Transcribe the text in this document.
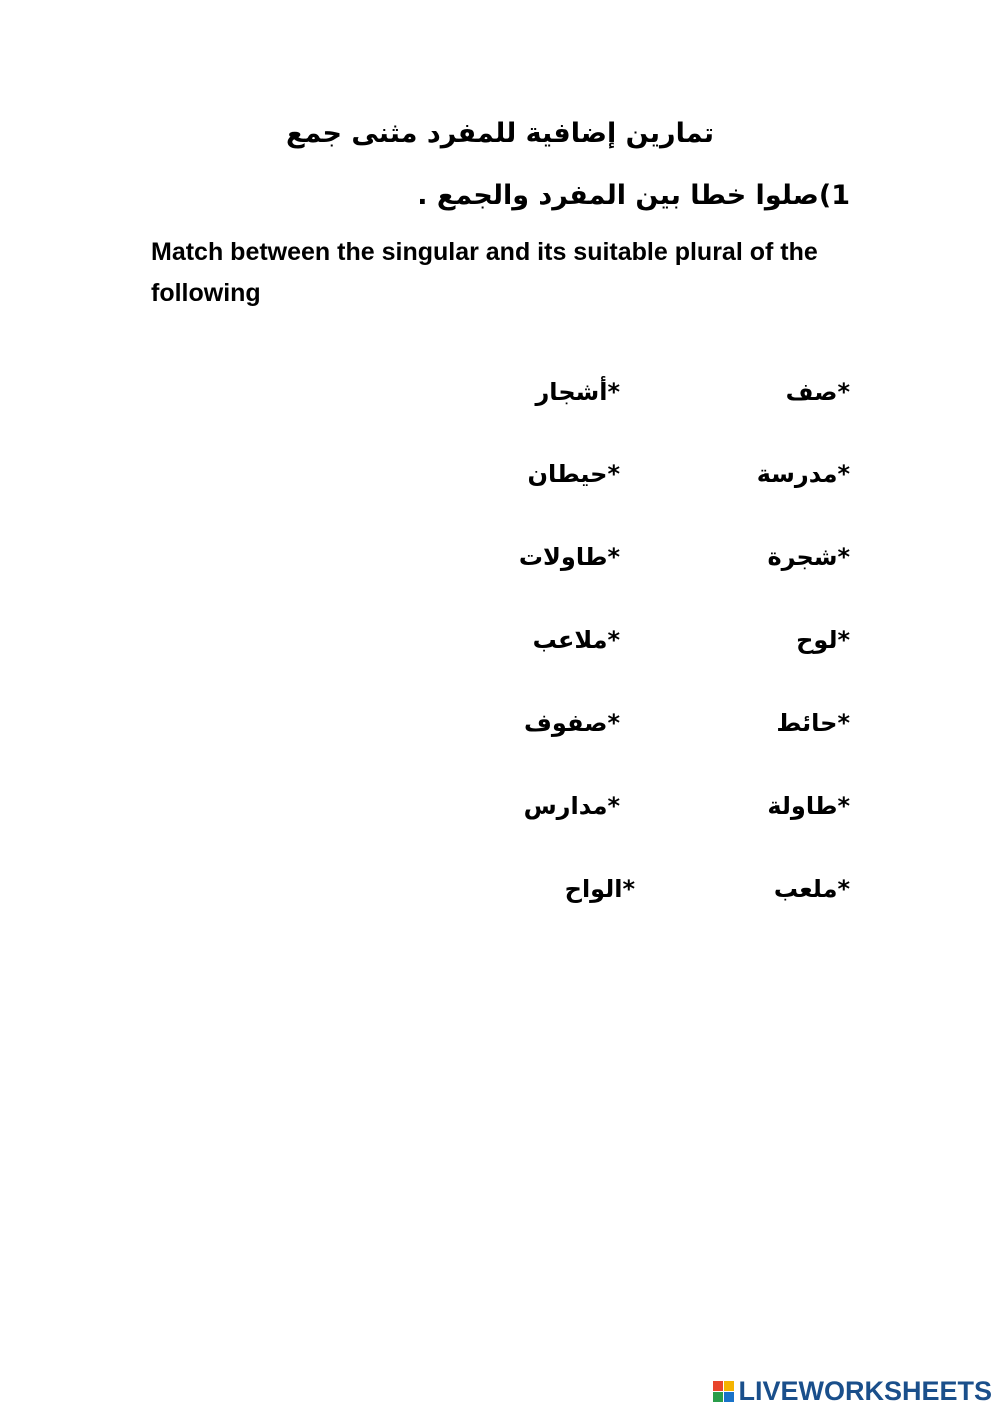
تمارين إضافية للمفرد مثنى جمع
1)صلوا خطا بين المفرد والجمع .
Match between the singular and its suitable plural of the following
*صف
*أشجار
*مدرسة
*حيطان
*شجرة
*طاولات
*لوح
*ملاعب
*حائط
*صفوف
*طاولة
*مدارس
*ملعب
*الواح
LIVEWORKSHEETS
